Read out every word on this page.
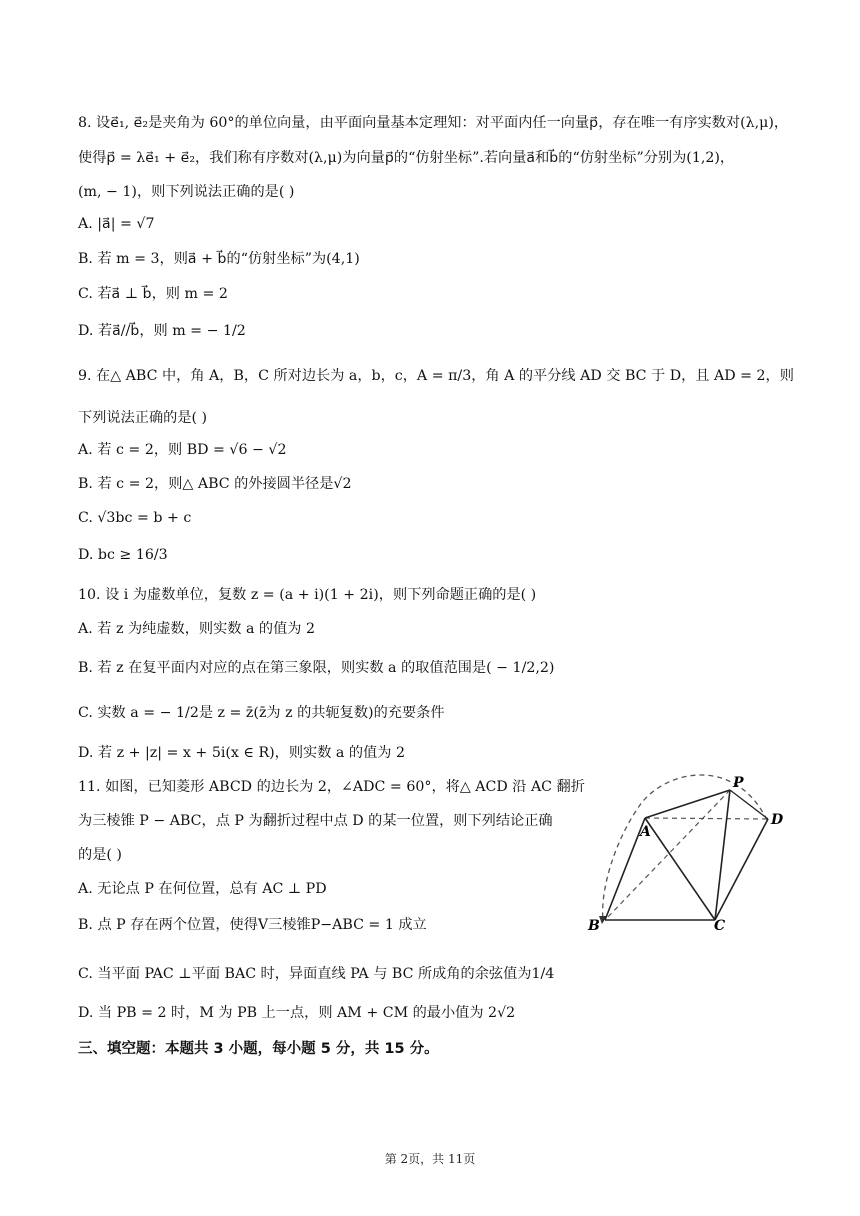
8. 设e⃗₁, e⃗₂是夹角为 60°的单位向量，由平面向量基本定理知：对平面内任一向量p⃗，存在唯一有序实数对(λ,μ)，
使得p⃗ = λe⃗₁ + e⃗₂，我们称有序数对(λ,μ)为向量p⃗的“仿射坐标”.若向量a⃗和b⃗的“仿射坐标”分别为(1,2)，
(m, − 1)，则下列说法正确的是( )
A. |a⃗| = √7
B. 若 m = 3，则a⃗ + b⃗的“仿射坐标”为(4,1)
C. 若a⃗ ⊥ b⃗，则 m = 2
D. 若a⃗//b⃗，则 m = − 1/2
9. 在△ ABC 中，角 A，B，C 所对边长为 a，b，c，A = π/3，角 A 的平分线 AD 交 BC 于 D，且 AD = 2，则
下列说法正确的是( )
A. 若 c = 2，则 BD = √6 − √2
B. 若 c = 2，则△ ABC 的外接圆半径是√2
C. √3bc = b + c
D. bc ≥ 16/3
10. 设 i 为虚数单位，复数 z = (a + i)(1 + 2i)，则下列命题正确的是( )
A. 若 z 为纯虚数，则实数 a 的值为 2
B. 若 z 在复平面内对应的点在第三象限，则实数 a 的取值范围是( − 1/2,2)
C. 实数 a = − 1/2是 z = z̄(z̄为 z 的共轭复数)的充要条件
D. 若 z + |z| = x + 5i(x ∈ R)，则实数 a 的值为 2
11. 如图，已知菱形 ABCD 的边长为 2，∠ADC = 60°，将△ ACD 沿 AC 翻折
为三棱锥 P − ABC，点 P 为翻折过程中点 D 的某一位置，则下列结论正确
的是( )
A. 无论点 P 在何位置，总有 AC ⊥ PD
B. 点 P 存在两个位置，使得V三棱锥P−ABC = 1 成立
C. 当平面 PAC ⊥平面 BAC 时，异面直线 PA 与 BC 所成角的余弦值为1/4
D. 当 PB = 2 时，M 为 PB 上一点，则 AM + CM 的最小值为 2√2
P
A
D
B	C
三、填空题：本题共 3 小题，每小题 5 分，共 15 分。
第 2页，共 11页
